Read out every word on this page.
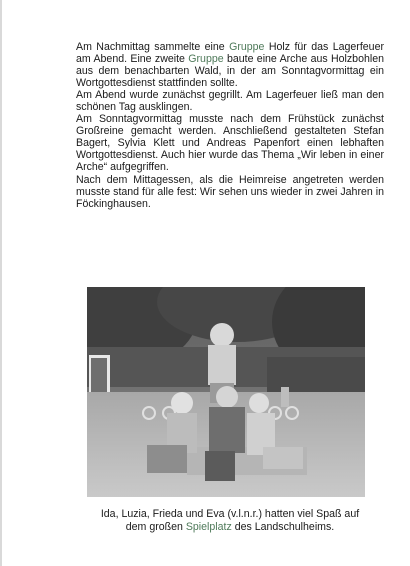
Am Nachmittag sammelte eine Gruppe Holz für das Lagerfeuer am Abend. Eine zweite Gruppe baute eine Arche aus Holzbohlen aus dem benachbarten Wald, in der am Sonntagvormittag ein Wortgottesdienst stattfinden sollte.

Am Abend wurde zunächst gegrillt. Am Lagerfeuer ließ man den schönen Tag ausklingen.

Am Sonntagvormittag musste nach dem Frühstück zunächst Großreine gemacht werden. Anschließend gestalteten Stefan Bagert, Sylvia Klett und Andreas Papenfort einen lebhaften Wortgottesdienst. Auch hier wurde das Thema „Wir leben in einer Arche“ aufgegriffen.

Nach dem Mittagessen, als die Heimreise angetreten werden musste stand für alle fest: Wir sehen uns wieder in zwei Jahren in Föckinghausen.

Ida, Luzia, Frieda und Eva (v.l.n.r.) hatten viel Spaß auf
dem großen Spielplatz des Landschulheims.
